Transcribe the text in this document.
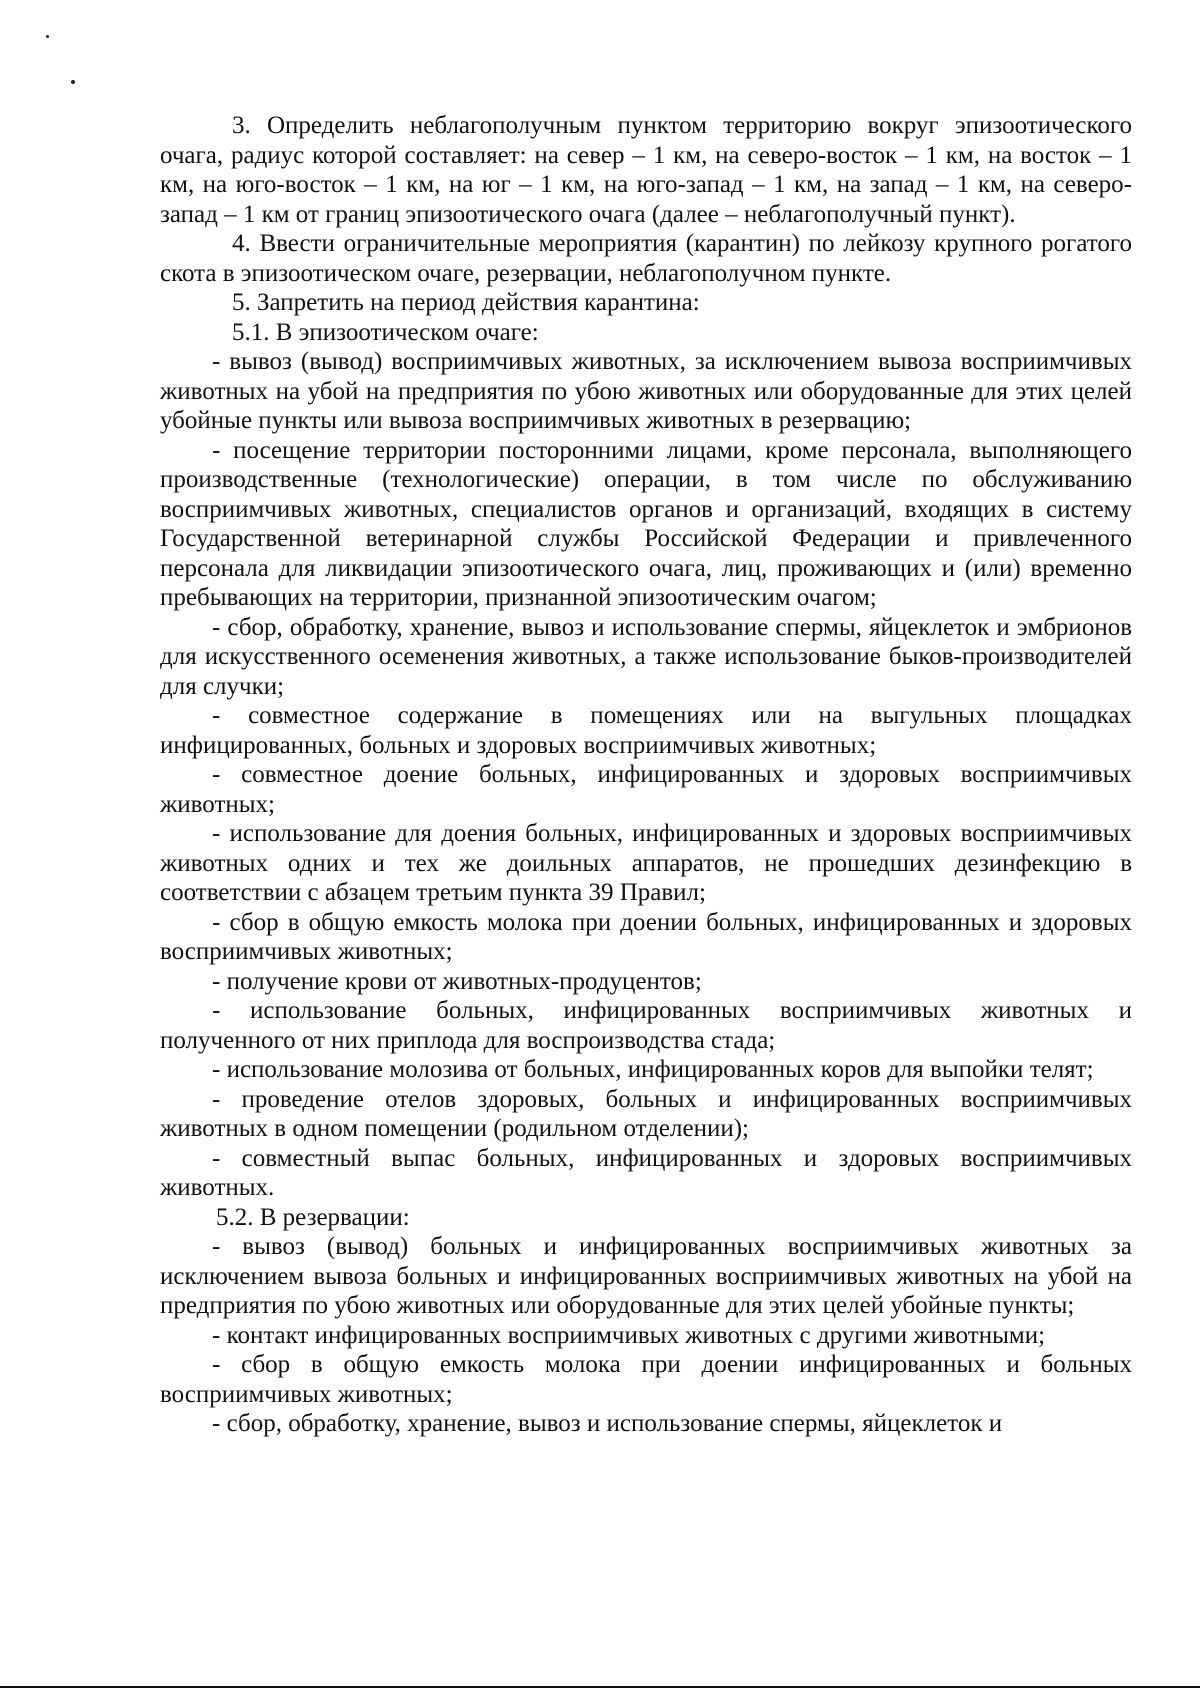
3. Определить неблагополучным пунктом территорию вокруг эпизоотического очага, радиус которой составляет: на север – 1 км, на северо-восток – 1 км, на восток – 1 км, на юго-восток – 1 км, на юг – 1 км, на юго-запад – 1 км, на запад – 1 км, на северо-запад – 1 км от границ эпизоотического очага (далее – неблагополучный пункт).

4. Ввести ограничительные мероприятия (карантин) по лейкозу крупного рогатого скота в эпизоотическом очаге, резервации, неблагополучном пункте.

5. Запретить на период действия карантина:

5.1. В эпизоотическом очаге:

- вывоз (вывод) восприимчивых животных, за исключением вывоза восприимчивых животных на убой на предприятия по убою животных или оборудованные для этих целей убойные пункты или вывоза восприимчивых животных в резервацию;

- посещение территории посторонними лицами, кроме персонала, выполняющего производственные (технологические) операции, в том числе по обслуживанию восприимчивых животных, специалистов органов и организаций, входящих в систему Государственной ветеринарной службы Российской Федерации и привлеченного персонала для ликвидации эпизоотического очага, лиц, проживающих и (или) временно пребывающих на территории, признанной эпизоотическим очагом;

- сбор, обработку, хранение, вывоз и использование спермы, яйцеклеток и эмбрионов для искусственного осеменения животных, а также использование быков-производителей для случки;

- совместное содержание в помещениях или на выгульных площадках инфицированных, больных и здоровых восприимчивых животных;

- совместное доение больных, инфицированных и здоровых восприимчивых животных;

- использование для доения больных, инфицированных и здоровых восприимчивых животных одних и тех же доильных аппаратов, не прошедших дезинфекцию в соответствии с абзацем третьим пункта 39 Правил;

- сбор в общую емкость молока при доении больных, инфицированных и здоровых восприимчивых животных;

- получение крови от животных-продуцентов;

- использование больных, инфицированных восприимчивых животных и полученного от них приплода для воспроизводства стада;

- использование молозива от больных, инфицированных коров для выпойки телят;

- проведение отелов здоровых, больных и инфицированных восприимчивых животных в одном помещении (родильном отделении);

- совместный выпас больных, инфицированных и здоровых восприимчивых животных.

5.2. В резервации:

- вывоз (вывод) больных и инфицированных восприимчивых животных за исключением вывоза больных и инфицированных восприимчивых животных на убой на предприятия по убою животных или оборудованные для этих целей убойные пункты;

- контакт инфицированных восприимчивых животных с другими животными;

- сбор в общую емкость молока при доении инфицированных и больных восприимчивых животных;

- сбор, обработку, хранение, вывоз и использование спермы, яйцеклеток и
